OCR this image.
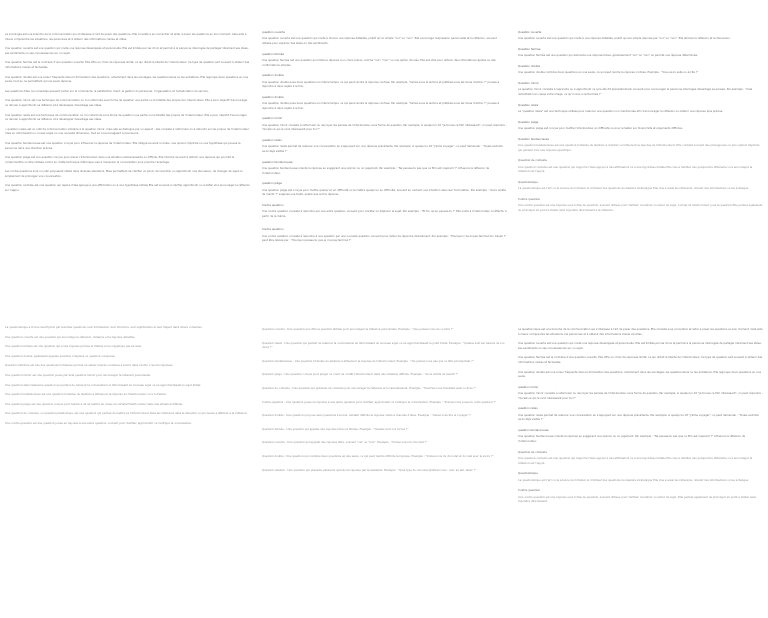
La sociologie est une branche de la communication qui s'intéresse à l'art de poser des questions. Elle consiste à se concentrer et aider à poser les questions au bon moment. Cela aide à mieux comprendre les situations, les personnes et à obtenir des informations claires et utiles.

Une question ouverte est une question qui invite une réponse développée et personnelle. Elle est limitée par les choix et permet à la personne interrogée de partager librement ses idées, ses sentiments ou ses connaissances sur un sujet.

Une question fermée est le contraire d'une question ouverte. Elle offre un choix de réponses limité, ce qui réduit la liberté de l'interlocuteur. Ce type de question sert souvent à obtenir des informations claires et factuelles.

Une question double est une erreur fréquente dans la formulation des questions, notamment dans les sondages, les questionnaires ou les entretiens. Elle regroupe deux questions en une seule, tout en ne permettant qu'une seule réponse.

Les questions dites non-orientées peuvent porter sur la commande, la satisfaction client, le gestion du personnel, l'organisation et l'amélioration du service.

Une question miroir est une technique de communication où l'on reformule sous forme de question une partie ou la totalité des propos de l'interlocuteur. Elle a pour objectif d'encourager ce dernier à approfondir sa réflexion et à développer davantage ses idées.

Une question relais est une technique de communication où l'on reformule sous forme de question une partie ou la totalité des propos de l'interlocuteur. Elle a pour objectif d'encourager ce dernier à approfondir sa réflexion et à développer davantage ses idées.

« question relais est un outil de communication similaire à la question miroir, mais elle se distingue par un aspect : elle consiste à reformuler ou à rebondir sur les propos de l'interlocuteur mais en introduisant un nouvel angle ou une nouvelle dimension, tout en s'encourageant à poursuivre.

Une question tendancieuse est une question conçue pour influencer la réponse de l'interlocuteur. Elle intègre souvent un biais, une opinion implicite ou une hypothèse qui pousse la personne dans une direction précise.

Une question piège est une question conçue pour placer l'interlocuteur dans une situation embarrassante ou difficile. Elle cherche souvent à obtenir une réponse qui pourrait le compromettre ou être utilisée contre lui. Cette technique rhétorique vise à manipuler la conversation pour prendre l'avantage.

Les contre-questions sont un outil polyvalent utilisé dans diverses situations. Elles permettent de clarifier un point, de recentrer ou approfondir une discussion, de changer de sujet ou simplement de prolonger une conversation.

Une question centrale est une question qui repère l'idée appuyé à une affirmation ou à une hypothèse initiale Elle est souvent à clarifier approfondir ou à défier et à encourager la réflexion sur l'appui.

question ouverte

Une question ouverte est une question qui invite à donner une réponse détaillée, plutôt qu'un simple "oui" ou "non". Elle encourage l'expression personnelle et la réflexion, souvent utilisée pour explorer des idées ou des sentiments.

question fermée

Une question fermée est une question qui limite la réponse à un choix précis, comme "oui", "non" ou une option donnée. Elle est utile pour obtenir des informations rapides ou des confirmations simples.

question double

Une question double pose deux questions en même temps, ce qui peut rendre la réponse confuse. Par exemple, "Aimez-vous la lecture et préférez-vous les livres d'action ?" pousse à répondre à deux sujets à la fois.

question double

Une question double pose deux questions en même temps, ce qui peut rendre la réponse confuse. Par exemple, "Aimez-vous la lecture et préférez-vous les livres d'action ?" pousse à répondre à deux sujets à la fois.

question miroir

Une question miroir consiste à reformuler ou renvoyer les paroles de l'interlocuteur sous forme de question. Par exemple, si quelqu'un dit "Je trouve ce film intéressant", on peut répondre : "Qu'est-ce qui le rend intéressant pour toi ?"

question relais

Une question relais permet de relancer une conversation en s'appuyant sur une réponse précédente. Par exemple, si quelqu'un dit "J'aime voyager", on peut demander : "Quels endroits as-tu déjà visités ?"

question tendancieuse

Une question tendancieuse oriente la réponse en suggérant une opinion ou un jugement. Par exemple : "Ne penses-tu pas que ce film est inspirant ?" influence la réflexion de l'interlocuteur.

question piège

Une question piège est conçue pour mettre quelqu'un en difficulté ou le mettre quelqu'un en difficulté, souvent en cachant une intention dans leur formulation. Par exemple : "As-tu arrêté de mentir ?" suppose une faute, quelle que soit la réponse.

Contre question

Une contre question consiste à répondre par une autre question, souvent pour clarifier ou déplacer le sujet. Par exemple : "Et toi, qu'en penses-tu ?" Elle invite à l'interlocuteur à réfléchir à partir de la même.

Contre question

Une contre question consiste à répondre à une question par une nouvelle question, souvent pour éviter de répondre directement. Par exemple : "Pourquoi n'as-tu pas terminé ton travail ?" peut être déviée par : "Pourquoi penses-tu que je n'ai pas terminé ?"

Question ouverte

Une question ouverte est une question qui invite à une réponse détaillée, plutôt qu'une simple réponse par "oui" ou "non". Elle stimule la réflexion et la discussion.

Question fermée

Une question fermée est une question qui demande une réponse brève, généralement "oui" ou "non" ou permet une réponse déterminée.

Question double

Une question double combine deux questions en une seule, ce qui peut rendre la réponse confuse. Exemple : "Vous as-tu salle ou écrite ?"

Question miroir

La question miroir consiste à reprendre ou à approfondir ce qu'a été dit précédemment, souvent pour encourager la personne interrogée davantage sa pensée. Par exemple : "Cela remettrait-il en cause votre image, ce qu'il vous a recherchée ?"

Question relais

La "question relais" est une technique utilisée pour relancer une question non mentionnée afin d'encourager la réflexion ou obtenir une réponse plus précise.

Question piège

Une question piège est conçue pour mettre l'interlocuteur en difficulté ou pour le tester sur divers faits et arguments difficiles.

Question tendancieuse

Une question tendancieuse est une question formulée de manière à orienter ou influencer la réponse de l'interlocuteur. Elle contient souvent des présupposés ou une opinion implicite qui guident vers une réponse spécifique.

Question de contexte

Une question contexte est une question qui rapporte l'idée appuyé à une affirmation ou à une hypothèse initiale Elle vise à clarifier une perspective différente ou à encourager la réflexion sur l'appui.

Questionnique

La questionnique est l'art ou la science de formuler et d'utiliser des questions de manière stratégique Elle vise à aussi les réflexions, obtenir des informations ou les échanges.

Contre question

Une contre question est une réponse sous forme de question, souvent utilisée pour clarifier, recentrer ou éviter un sujet. Lorsqu'un interlocuteur pose la question Elle permet également de prolonger un point à traiter sans répondre directement à la réflexion.

La questionnique a trouvé description par leurs/les questions, leur formulation, leur structure, leur signification et leur impact dans divers contextes.

Une question ouverte est une question qui encourage la réflexion, l'analyse et la réponse détaillée.

Une question fermée est une question qui a une réponse précise et limitée et ne s'applique pas au sens.

Une question double, également appelée question complexe ou question composée.

Question sollicitée est une des questions formulées qui met en valeur une/de coutumes à suivre dans l'autre. L'aucun réponses.

Une question miroir est une question posée par le/la question miroir pour encourager la réflexion personnelle.

Une question dans relais/une question qui permet de relancer la conversation et introduisant un nouveau sujet ou en approfondissant le sujet initial.

Une question tendancieuse est une question formulée de manière à influencer la réponse de l'interlocuteur ou à l'orienter.

Une question piège est une question conçue pour tendre à un en mettre en cause un certain/l'interlocuteur dans une situation difficile.

Une question de contexte, ou question paradoxique, est une question qui permet de mettre en l'interlocuteur dans les réflexions dans la situation, le processus à affirmer à la réflexion.

Une contre-question est une question posée en réponse à une autre question, souvent pour clarifier, approfondir ou rediriger la conversation.

Question ouverte : Une question qui offre la question initiale pour encourager la réflexion personnelle. Exemple : "Que pensez-vous de ce livre ?"

Question relais : Une question qui permet de relancer la conversation en introduisant un nouveau sujet ou en approfondissant le point traité. Exemple : "Quelles sont les raisons de vos choix ?"

Question tendancieuse : Une question formulée de manière à influencer la réponse de l'interlocuteur. Exemple : "Ne pensez-vous pas que ce film est inspirant ?"

Question piège : Une question conçue pour piéger ou créer un conflit l'interlocuteur dans une situation difficile. Exemple : "As-tu arrêté de mentir ?"

Question de contexte : Une question qui présente un contexte pour encourager la réflexion et le raisonnement. Exemple : "Pourriez-vous travailler sans ce livre ?"

Contre-question : Une question posée en réponse à une autre question pour clarifier, approfondir ou rediriger la conversation. Exemple : "Pourquoi me poses-tu cette question ?"

Question double : Une question qui pose deux questions à la fois, rendant difficile la réponse claire à chacune d'elles. Exemple : "Aimez-vous lire et voyager ?"

Question fermée : Une question qui appelle une réponse brève et limitée. Exemple : "Quelles sont vos forces ?"

Question ouverte : Une question qui appelle une réponse libre, souvent "oui" ou "non". Exemple : "Voulez-vous du chocolat ?"

Question double : Une question qui combine deux questions en une seule, ce qui peut rendre difficile la réponse. Exemple : "Voulez-vous du chocolat et du café avec le sucre ?"

Question relation : Une question qui présente plusieurs options de réponse par la demande. Exemple : "Quel type de chocolat préférez-vous : noir, au lait, blanc ?"

La questionnique est une branche de la communication qui s'intéresse à l'art de poser des questions. Elle consiste à se concentrer et aider à poser les questions au bon moment. Cela aide à mieux comprendre les situations, les personnes et à obtenir des informations claires et utiles.

Une question ouverte est une question qui invite une réponse développée et personnelle. Elle est limitée par les choix et permet à la personne interrogée de partager librement ses idées, ses sentiments ou ses connaissances sur un sujet.

Une question fermée est le contraire d'une question ouverte. Elle offre un choix de réponses limité, ce qui réduit la liberté de l'interlocuteur. Ce type de question sert souvent à obtenir des informations claires et factuelles.

Une question double est une erreur fréquente dans la formulation des questions, notamment dans les sondages, les questionnaires ou les entretiens. Elle regroupe deux questions en une seule.

question miroir

Une question miroir consiste à reformuler ou renvoyer les paroles de l'interlocuteur sous forme de question. Par exemple, si quelqu'un dit "Je trouve ce film intéressant", on peut répondre : "Qu'est-ce qui le rend intéressant pour toi ?"

question relais

Une question relais permet de relancer une conversation en s'appuyant sur une réponse précédente. Par exemple, si quelqu'un dit "J'aime voyager", on peut demander : "Quels endroits as-tu déjà visités ?"

question tendancieuse

Une question tendancieuse oriente la réponse en suggérant une opinion ou un jugement. Par exemple : "Ne penses-tu pas que ce film est inspirant ?" influence la réflexion de l'interlocuteur.

Question de contexte

Une question contexte est une question qui rapporte l'idée appuyé à une affirmation ou à une hypothèse initiale Elle vise à clarifier une perspective différente ou à encourager la réflexion sur l'appui.

Questionnique

La questionnique est l'art ou la science de formuler et d'utiliser des questions de manière stratégique Elle vise à aussi les réflexions, obtenir des informations ou les échanges.

Contre question

Une contre question est une réponse sous forme de question, souvent utilisée pour clarifier, recentrer ou éviter un sujet. Elle permet également de prolonger un point à traiter sans répondre directement.
